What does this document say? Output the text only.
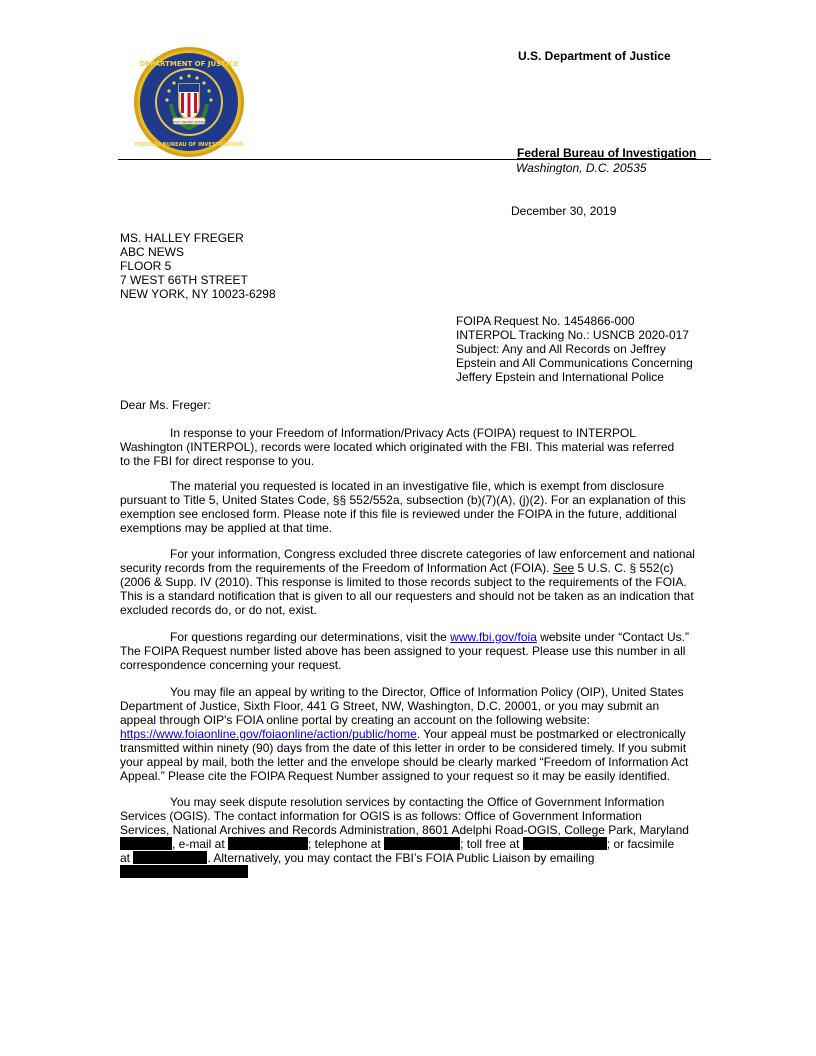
DEPARTMENT OF JUSTICE
FEDERAL BUREAU OF INVESTIGATION
FIDELITY BRAVERY INTEGRITY
U.S. Department of Justice
Federal Bureau of Investigation
Washington, D.C. 20535
December 30, 2019
MS. HALLEY FREGER
ABC NEWS
FLOOR 5
7 WEST 66TH STREET
NEW YORK, NY 10023-6298
FOIPA Request No. 1454866-000
INTERPOL Tracking No.: USNCB 2020-017
Subject: Any and All Records on Jeffrey
Epstein and All Communications Concerning
Jeffery Epstein and International Police
Dear Ms. Freger:
In response to your Freedom of Information/Privacy Acts (FOIPA) request to INTERPOL
Washington (INTERPOL), records were located which originated with the FBI. This material was referred
to the FBI for direct response to you.
The material you requested is located in an investigative file, which is exempt from disclosure
pursuant to Title 5, United States Code, §§ 552/552a, subsection (b)(7)(A), (j)(2). For an explanation of this
exemption see enclosed form. Please note if this file is reviewed under the FOIPA in the future, additional
exemptions may be applied at that time.
For your information, Congress excluded three discrete categories of law enforcement and national
security records from the requirements of the Freedom of Information Act (FOIA). See 5 U.S. C. § 552(c)
(2006 & Supp. IV (2010). This response is limited to those records subject to the requirements of the FOIA.
This is a standard notification that is given to all our requesters and should not be taken as an indication that
excluded records do, or do not, exist.
For questions regarding our determinations, visit the www.fbi.gov/foia website under “Contact Us.”
The FOIPA Request number listed above has been assigned to your request. Please use this number in all
correspondence concerning your request.
You may file an appeal by writing to the Director, Office of Information Policy (OIP), United States
Department of Justice, Sixth Floor, 441 G Street, NW, Washington, D.C. 20001, or you may submit an
appeal through OIP's FOIA online portal by creating an account on the following website:
https://www.foiaonline.gov/foiaonline/action/public/home. Your appeal must be postmarked or electronically
transmitted within ninety (90) days from the date of this letter in order to be considered timely. If you submit
your appeal by mail, both the letter and the envelope should be clearly marked “Freedom of Information Act
Appeal.” Please cite the FOIPA Request Number assigned to your request so it may be easily identified.
You may seek dispute resolution services by contacting the Office of Government Information
Services (OGIS). The contact information for OGIS is as follows: Office of Government Information
Services, National Archives and Records Administration, 8601 Adelphi Road-OGIS, College Park, Maryland
, e-mail at	; telephone at	; toll free at	; or facsimile
at	. Alternatively, you may contact the FBI’s FOIA Public Liaison by emailing
